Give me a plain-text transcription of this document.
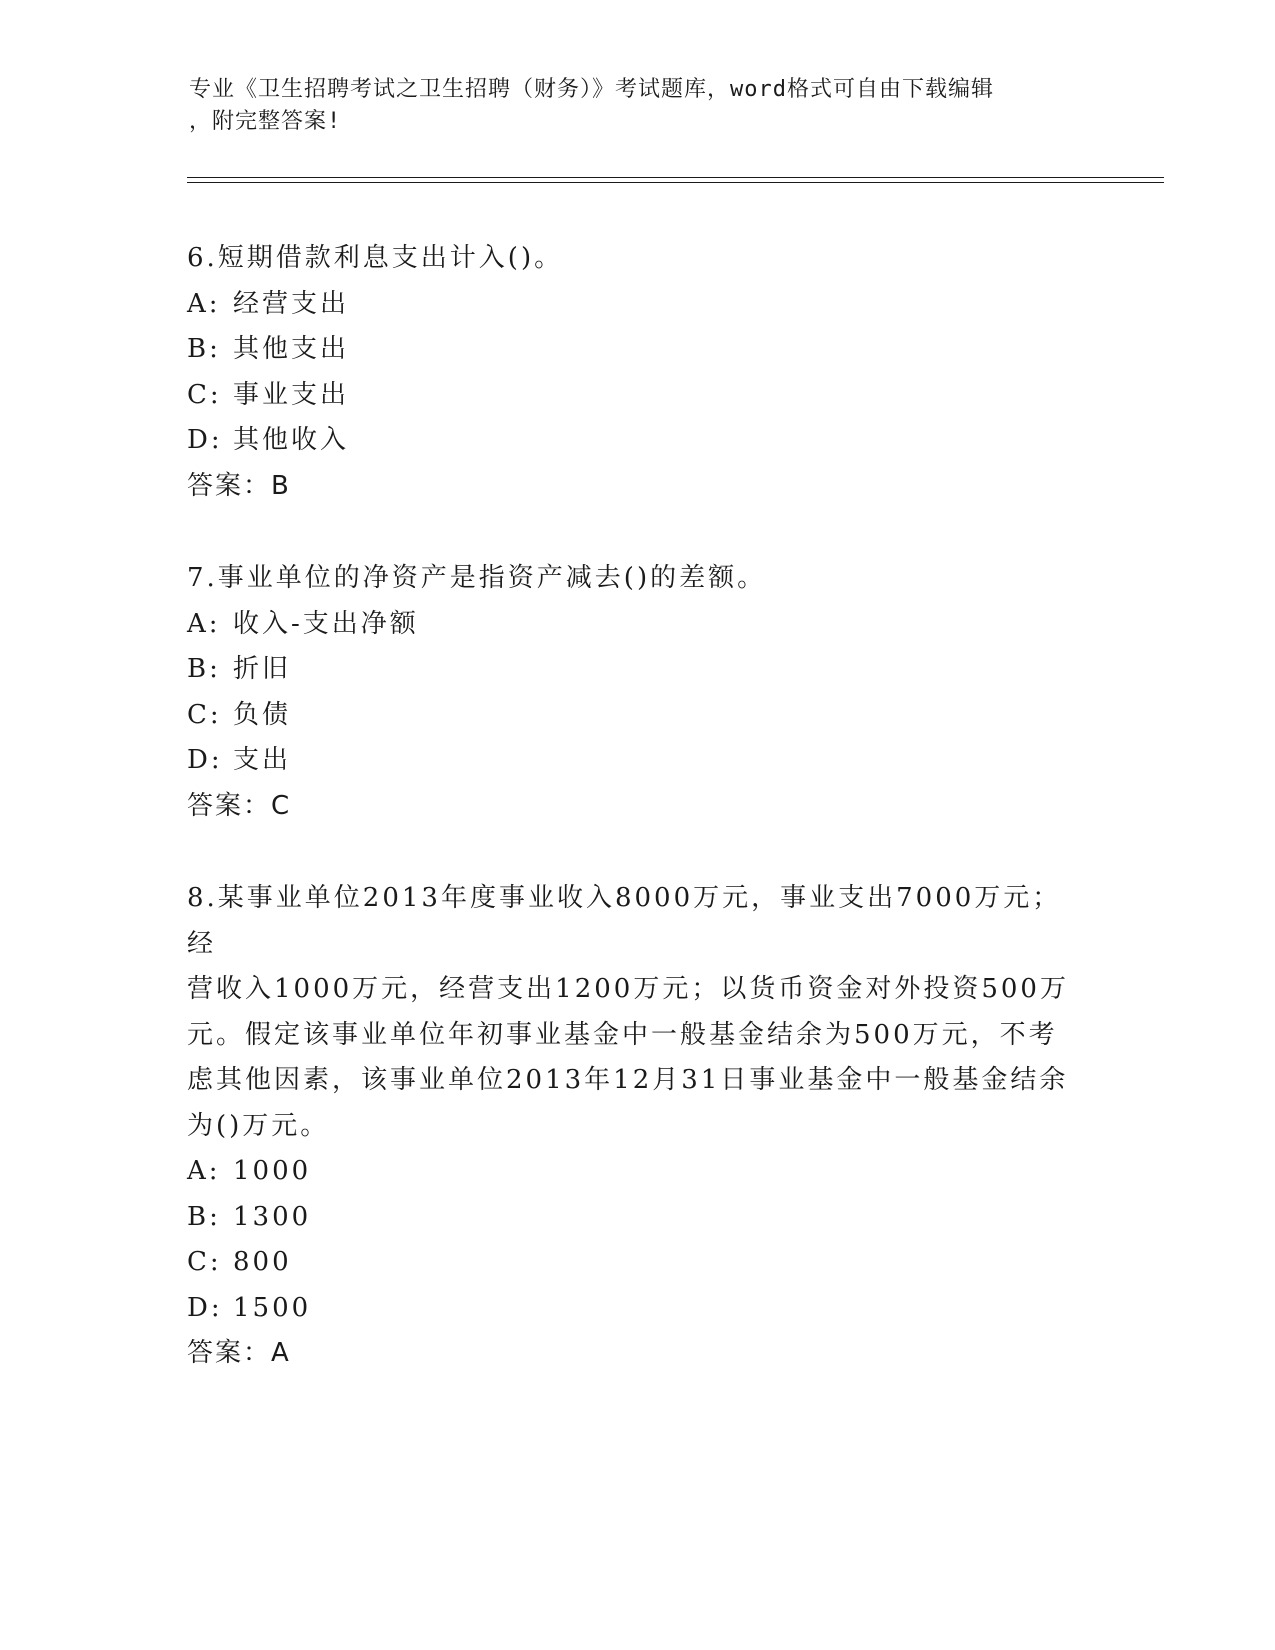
专业《卫生招聘考试之卫生招聘（财务）》考试题库，word格式可自由下载编辑
，附完整答案!

6.短期借款利息支出计入()。

A: 经营支出

B: 其他支出

C: 事业支出

D: 其他收入

答案：B

7.事业单位的净资产是指资产减去()的差额。

A: 收入-支出净额

B: 折旧

C: 负债

D: 支出

答案：C

8.某事业单位2013年度事业收入8000万元，事业支出7000万元；经

营收入1000万元，经营支出1200万元；以货币资金对外投资500万

元。假定该事业单位年初事业基金中一般基金结余为500万元，不考

虑其他因素，该事业单位2013年12月31日事业基金中一般基金结余

为()万元。

A: 1000

B: 1300

C: 800

D: 1500

答案：A
